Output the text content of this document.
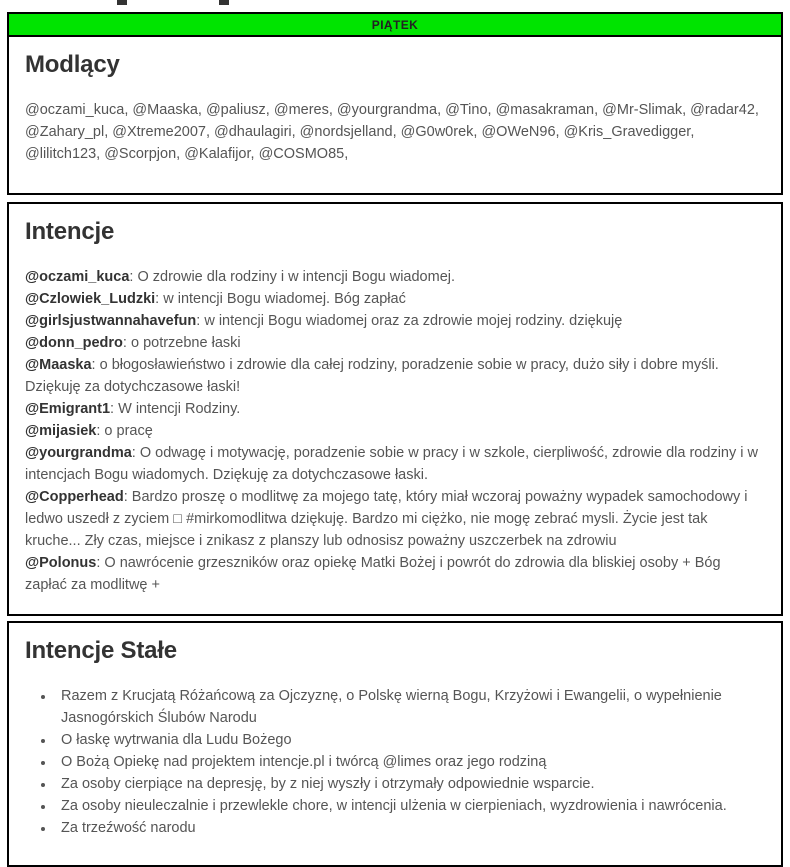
PIĄTEK
Modlący

@oczami_kuca, @Maaska, @paliusz, @meres, @yourgrandma, @Tino, @masakraman, @Mr-Slimak, @radar42, @Zahary_pl, @Xtreme2007, @dhaulagiri, @nordsjelland, @G0w0rek, @OWeN96, @Kris_Gravedigger, @lilitch123, @Scorpjon, @Kalafijor, @COSMO85,

Intencje

@oczami_kuca: O zdrowie dla rodziny i w intencji Bogu wiadomej.

@Czlowiek_Ludzki: w intencji Bogu wiadomej. Bóg zapłać

@girlsjustwannahavefun: w intencji Bogu wiadomej oraz za zdrowie mojej rodziny. dziękuję

@donn_pedro: o potrzebne łaski

@Maaska: o błogosławieństwo i zdrowie dla całej rodziny, poradzenie sobie w pracy, dużo siły i dobre myśli. Dziękuję za dotychczasowe łaski!

@Emigrant1: W intencji Rodziny.

@mijasiek: o pracę

@yourgrandma: O odwagę i motywację, poradzenie sobie w pracy i w szkole, cierpliwość, zdrowie dla rodziny i w intencjach Bogu wiadomych. Dziękuję za dotychczasowe łaski.

@Copperhead: Bardzo proszę o modlitwę za mojego tatę, który miał wczoraj poważny wypadek samochodowy i ledwo uszedł z zyciem □ #mirkomodlitwa dziękuję. Bardzo mi ciężko, nie mogę zebrać mysli. Życie jest tak kruche... Zły czas, miejsce i znikasz z planszy lub odnosisz poważny uszczerbek na zdrowiu

@Polonus: O nawrócenie grzeszników oraz opiekę Matki Bożej i powrót do zdrowia dla bliskiej osoby + Bóg zapłać za modlitwę +

Intencje Stałe
• Razem z Krucjatą Różańcową za Ojczyznę, o Polskę wierną Bogu, Krzyżowi i Ewangelii, o wypełnienie Jasnogórskich Ślubów Narodu
• O łaskę wytrwania dla Ludu Bożego
• O Bożą Opiekę nad projektem intencje.pl i twórcą @limes oraz jego rodziną
• Za osoby cierpiące na depresję, by z niej wyszły i otrzymały odpowiednie wsparcie.
• Za osoby nieuleczalnie i przewlekle chore, w intencji ulżenia w cierpieniach, wyzdrowienia i nawrócenia.
• Za trzeźwość narodu
